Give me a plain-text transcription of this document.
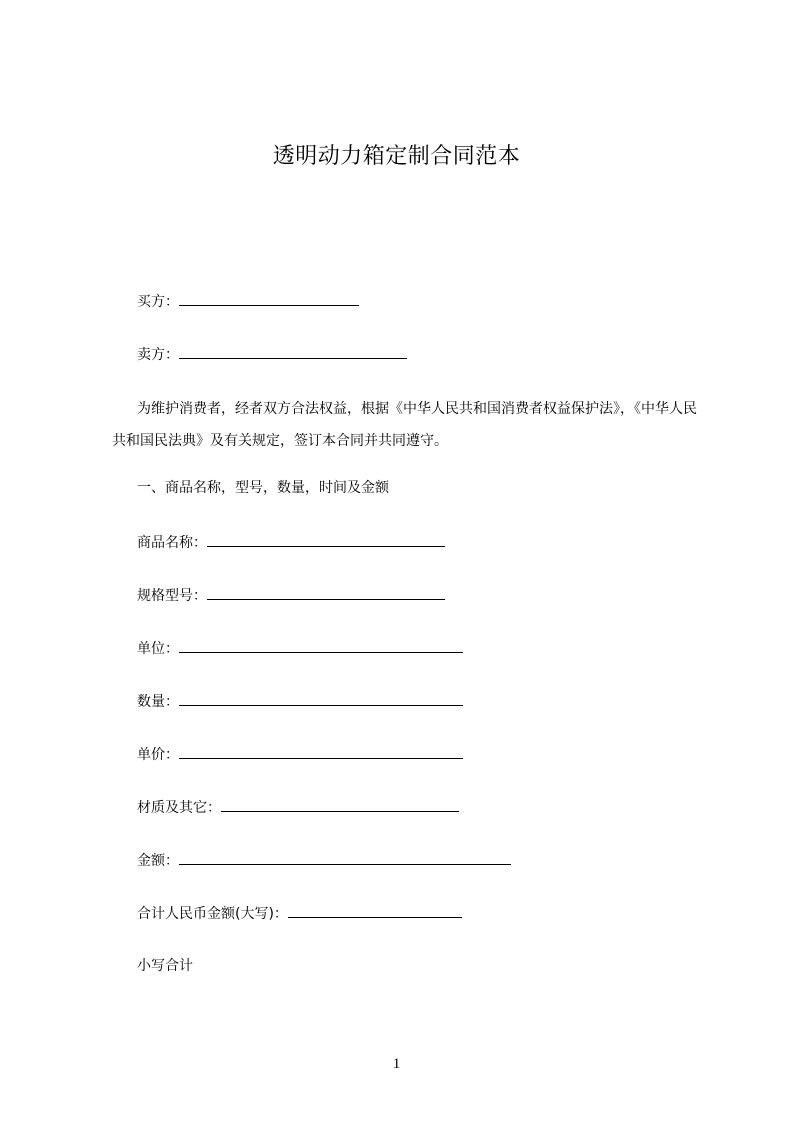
透明动力箱定制合同范本
买方：
卖方：
为维护消费者，经者双方合法权益，根据《中华人民共和国消费者权益保护法》，《中华人民共和国民法典》及有关规定，签订本合同并共同遵守。
一、商品名称，型号，数量，时间及金额
商品名称：
规格型号：
单位：
数量：
单价：
材质及其它：
金额：
合计人民币金额(大写)：
小写合计
1
